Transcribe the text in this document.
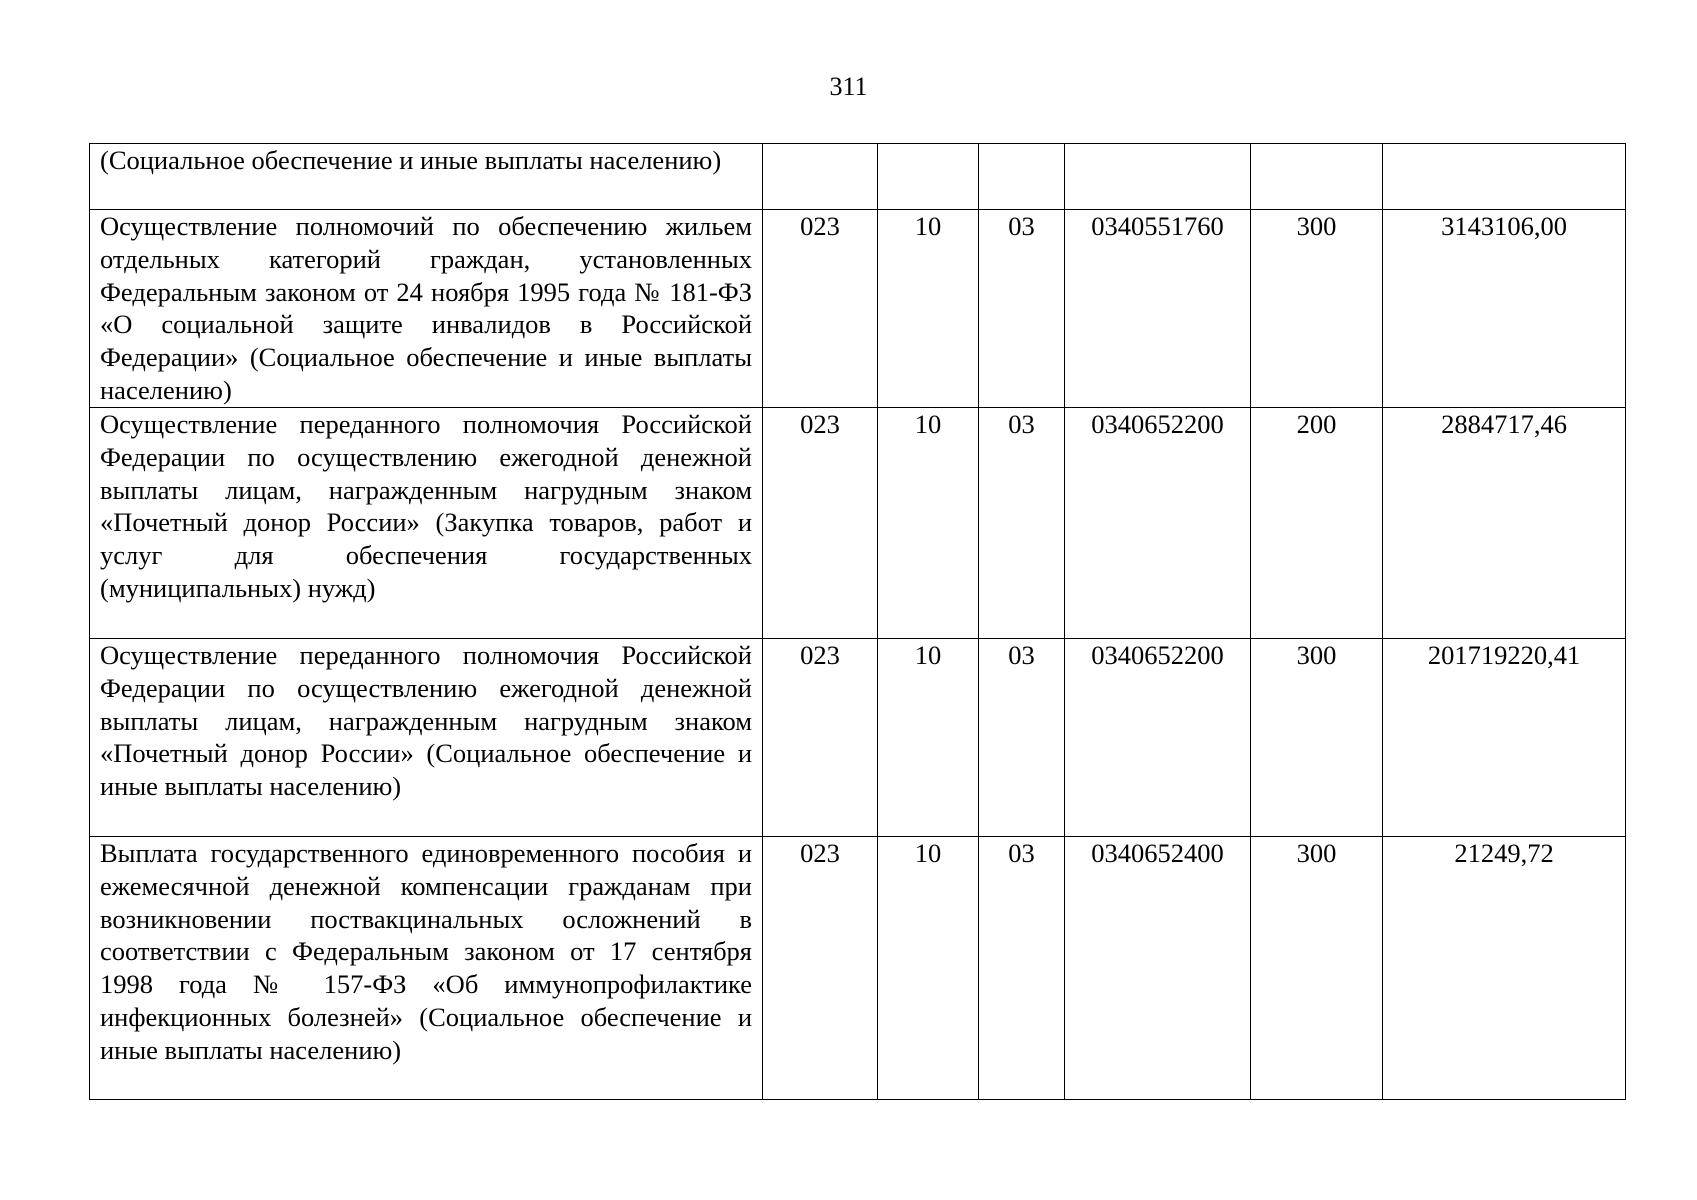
311
(Социальное обеспечение и иные выплаты населению)						

Осуществление полномочий по обеспечению жильем отдельных категорий граждан, установленных Федеральным законом от 24 ноября 1995 года № 181-ФЗ «О социальной защите инвалидов в Российской Федерации» (Социальное обеспечение и иные выплаты населению)	023	10	03	0340551760	300	3143106,00

Осуществление переданного полномочия Российской Федерации по осуществлению ежегодной денежной выплаты лицам, награжденным нагрудным знаком «Почетный донор России» (Закупка товаров, работ и услуг для обеспечения государственных (муниципальных) нужд)	023	10	03	0340652200	200	2884717,46

Осуществление переданного полномочия Российской Федерации по осуществлению ежегодной денежной выплаты лицам, награжденным нагрудным знаком «Почетный донор России» (Социальное обеспечение и иные выплаты населению)	023	10	03	0340652200	300	201719220,41

Выплата государственного единовременного пособия и ежемесячной денежной компенсации гражданам при возникновении поствакцинальных осложнений в соответствии с Федеральным законом от 17 сентября 1998 года № 157-ФЗ «Об иммунопрофилактике инфекционных болезней» (Социальное обеспечение и иные выплаты населению)	023	10	03	0340652400	300	21249,72
